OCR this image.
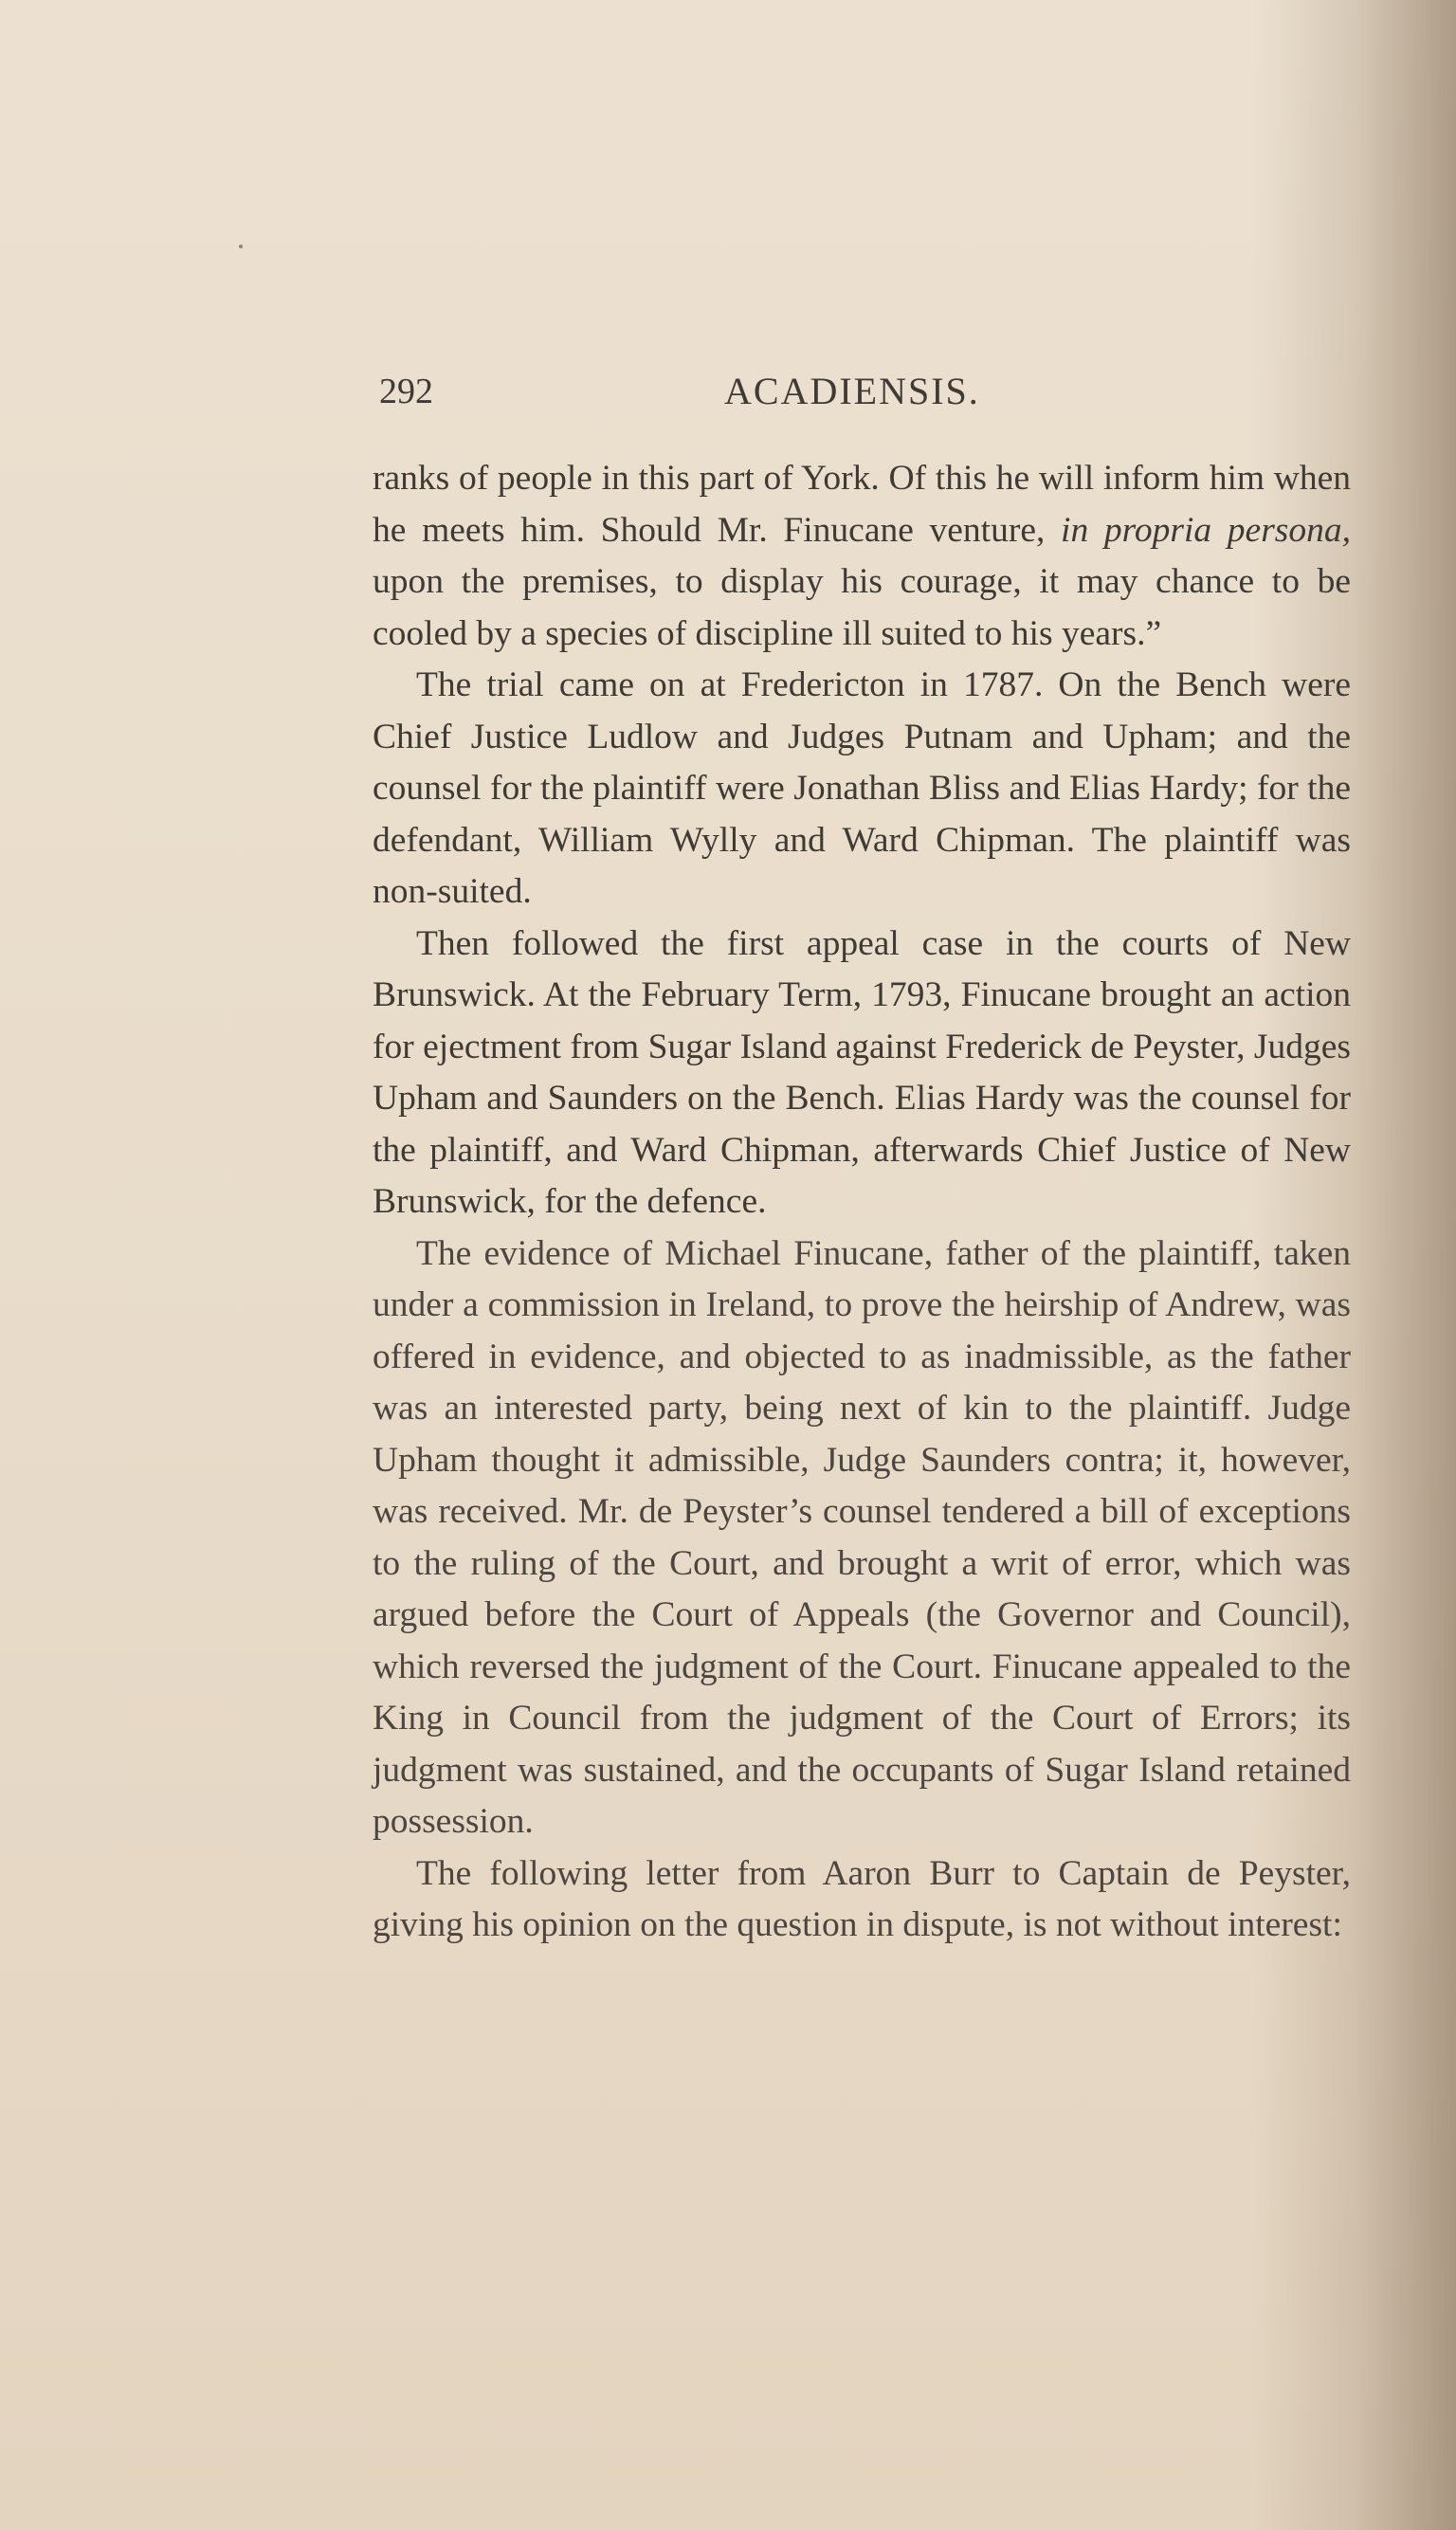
292	ACADIENSIS.

ranks of people in this part of York. Of this he will inform him when he meets him. Should Mr. Finucane venture, in propria persona, upon the premises, to display his courage, it may chance to be cooled by a species of discipline ill suited to his years.”

The trial came on at Fredericton in 1787. On the Bench were Chief Justice Ludlow and Judges Putnam and Upham; and the counsel for the plaintiff were Jonathan Bliss and Elias Hardy; for the defendant, William Wylly and Ward Chipman. The plaintiff was non-suited.

Then followed the first appeal case in the courts of New Brunswick. At the February Term, 1793, Finucane brought an action for ejectment from Sugar Island against Frederick de Peyster, Judges Upham and Saunders on the Bench. Elias Hardy was the counsel for the plaintiff, and Ward Chipman, afterwards Chief Justice of New Brunswick, for the defence.

The evidence of Michael Finucane, father of the plaintiff, taken under a commission in Ireland, to prove the heirship of Andrew, was offered in evidence, and objected to as inadmissible, as the father was an interested party, being next of kin to the plaintiff. Judge Upham thought it admissible, Judge Saunders contra; it, however, was received. Mr. de Peyster’s counsel tendered a bill of exceptions to the ruling of the Court, and brought a writ of error, which was argued before the Court of Appeals (the Governor and Council), which reversed the judgment of the Court. Finucane appealed to the King in Council from the judgment of the Court of Errors; its judgment was sustained, and the occupants of Sugar Island retained possession.

The following letter from Aaron Burr to Captain de Peyster, giving his opinion on the question in dispute, is not without interest:
